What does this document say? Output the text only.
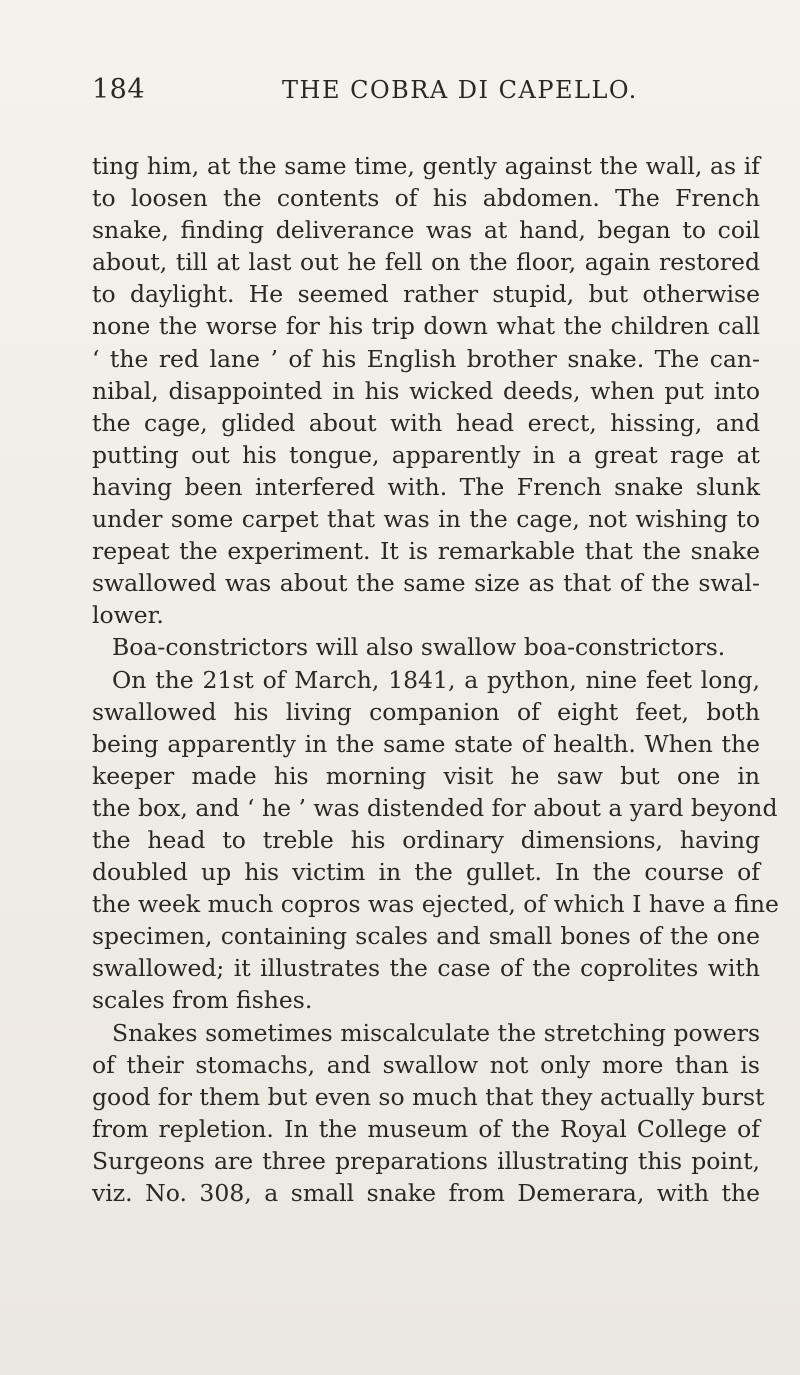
184	THE COBRA DI CAPELLO.
ting him, at the same time, gently against the wall, as if
to loosen the contents of his abdomen. The French
snake, finding deliverance was at hand, began to coil
about, till at last out he fell on the floor, again restored
to daylight. He seemed rather stupid, but otherwise
none the worse for his trip down what the children call
‘ the red lane ’ of his English brother snake. The can-
nibal, disappointed in his wicked deeds, when put into
the cage, glided about with head erect, hissing, and
putting out his tongue, apparently in a great rage at
having been interfered with. The French snake slunk
under some carpet that was in the cage, not wishing to
repeat the experiment. It is remarkable that the snake
swallowed was about the same size as that of the swal-
lower.
Boa-constrictors will also swallow boa-constrictors.
On the 21st of March, 1841, a python, nine feet long,
swallowed his living companion of eight feet, both
being apparently in the same state of health. When the
keeper made his morning visit he saw but one in
the box, and ‘ he ’ was distended for about a yard beyond
the head to treble his ordinary dimensions, having
doubled up his victim in the gullet. In the course of
the week much copros was ejected, of which I have a fine
specimen, containing scales and small bones of the one
swallowed; it illustrates the case of the coprolites with
scales from fishes.
Snakes sometimes miscalculate the stretching powers
of their stomachs, and swallow not only more than is
good for them but even so much that they actually burst
from repletion. In the museum of the Royal College of
Surgeons are three preparations illustrating this point,
viz. No. 308, a small snake from Demerara, with the
